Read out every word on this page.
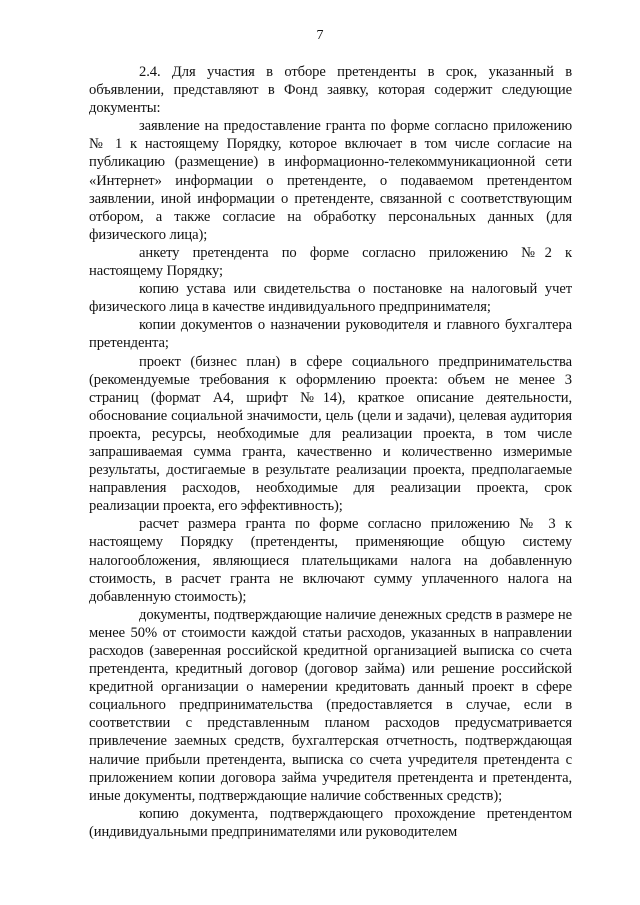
7

2.4. Для участия в отборе претенденты в срок, указанный в объявлении, представляют в Фонд заявку, которая содержит следующие документы:

заявление на предоставление гранта по форме согласно приложению № 1 к настоящему Порядку, которое включает в том числе согласие на публикацию (размещение) в информационно-телекоммуникационной сети «Интернет» информации о претенденте, о подаваемом претендентом заявлении, иной информации о претенденте, связанной с соответствующим отбором, а также согласие на обработку персональных данных (для физического лица);

анкету претендента по форме согласно приложению №2 к настоящему Порядку;

копию устава или свидетельства о постановке на налоговый учет физического лица в качестве индивидуального предпринимателя;

копии документов о назначении руководителя и главного бухгалтера претендента;

проект (бизнес план) в сфере социального предпринимательства (рекомендуемые требования к оформлению проекта: объем не менее 3 страниц (формат А4, шрифт №14), краткое описание деятельности, обоснование социальной значимости, цель (цели и задачи), целевая аудитория проекта, ресурсы, необходимые для реализации проекта, в том числе запрашиваемая сумма гранта, качественно и количественно измеримые результаты, достигаемые в результате реализации проекта, предполагаемые направления расходов, необходимые для реализации проекта, срок реализации проекта, его эффективность);

расчет размера гранта по форме согласно приложению № 3 к настоящему Порядку (претенденты, применяющие общую систему налогообложения, являющиеся плательщиками налога на добавленную стоимость, в расчет гранта не включают сумму уплаченного налога на добавленную стоимость);

документы, подтверждающие наличие денежных средств в размере не менее 50% от стоимости каждой статьи расходов, указанных в направлении расходов (заверенная российской кредитной организацией выписка со счета претендента, кредитный договор (договор займа) или решение российской кредитной организации о намерении кредитовать данный проект в сфере социального предпринимательства (предоставляется в случае, если в соответствии с представленным планом расходов предусматривается привлечение заемных средств, бухгалтерская отчетность, подтверждающая наличие прибыли претендента, выписка со счета учредителя претендента с приложением копии договора займа учредителя претендента и претендента, иные документы, подтверждающие наличие собственных средств);

копию документа, подтверждающего прохождение претендентом (индивидуальными предпринимателями или руководителем
